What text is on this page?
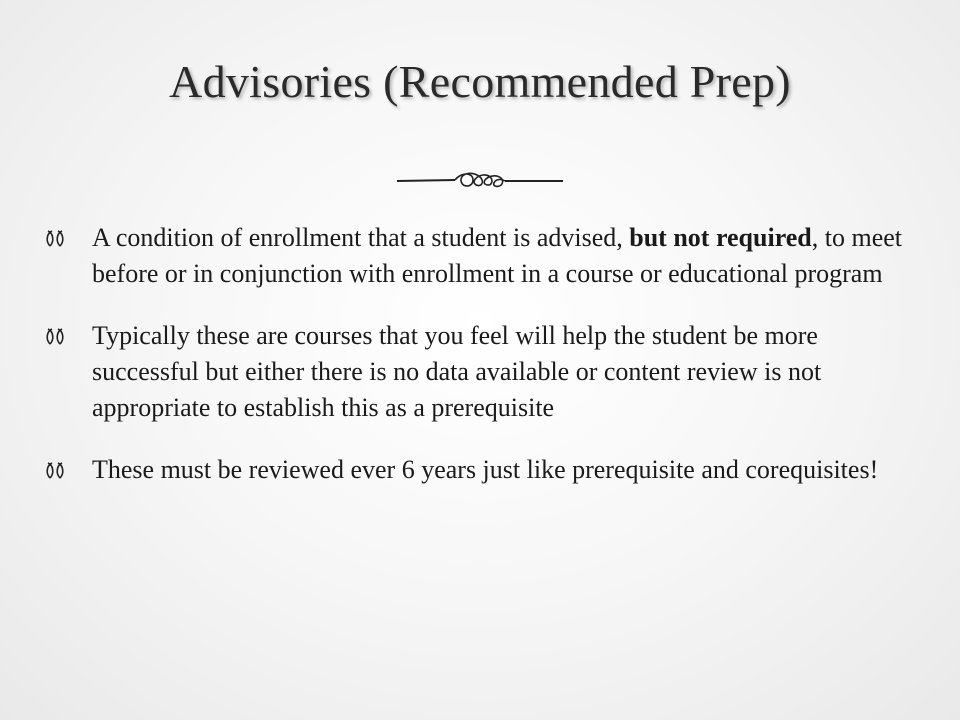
Advisories (Recommended Prep)
A condition of enrollment that a student is advised, but not required, to meet before or in conjunction with enrollment in a course or educational program
Typically these are courses that you feel will help the student be more successful but either there is no data available or content review is not appropriate to establish this as a prerequisite
These must be reviewed ever 6 years just like prerequisite and corequisites!
